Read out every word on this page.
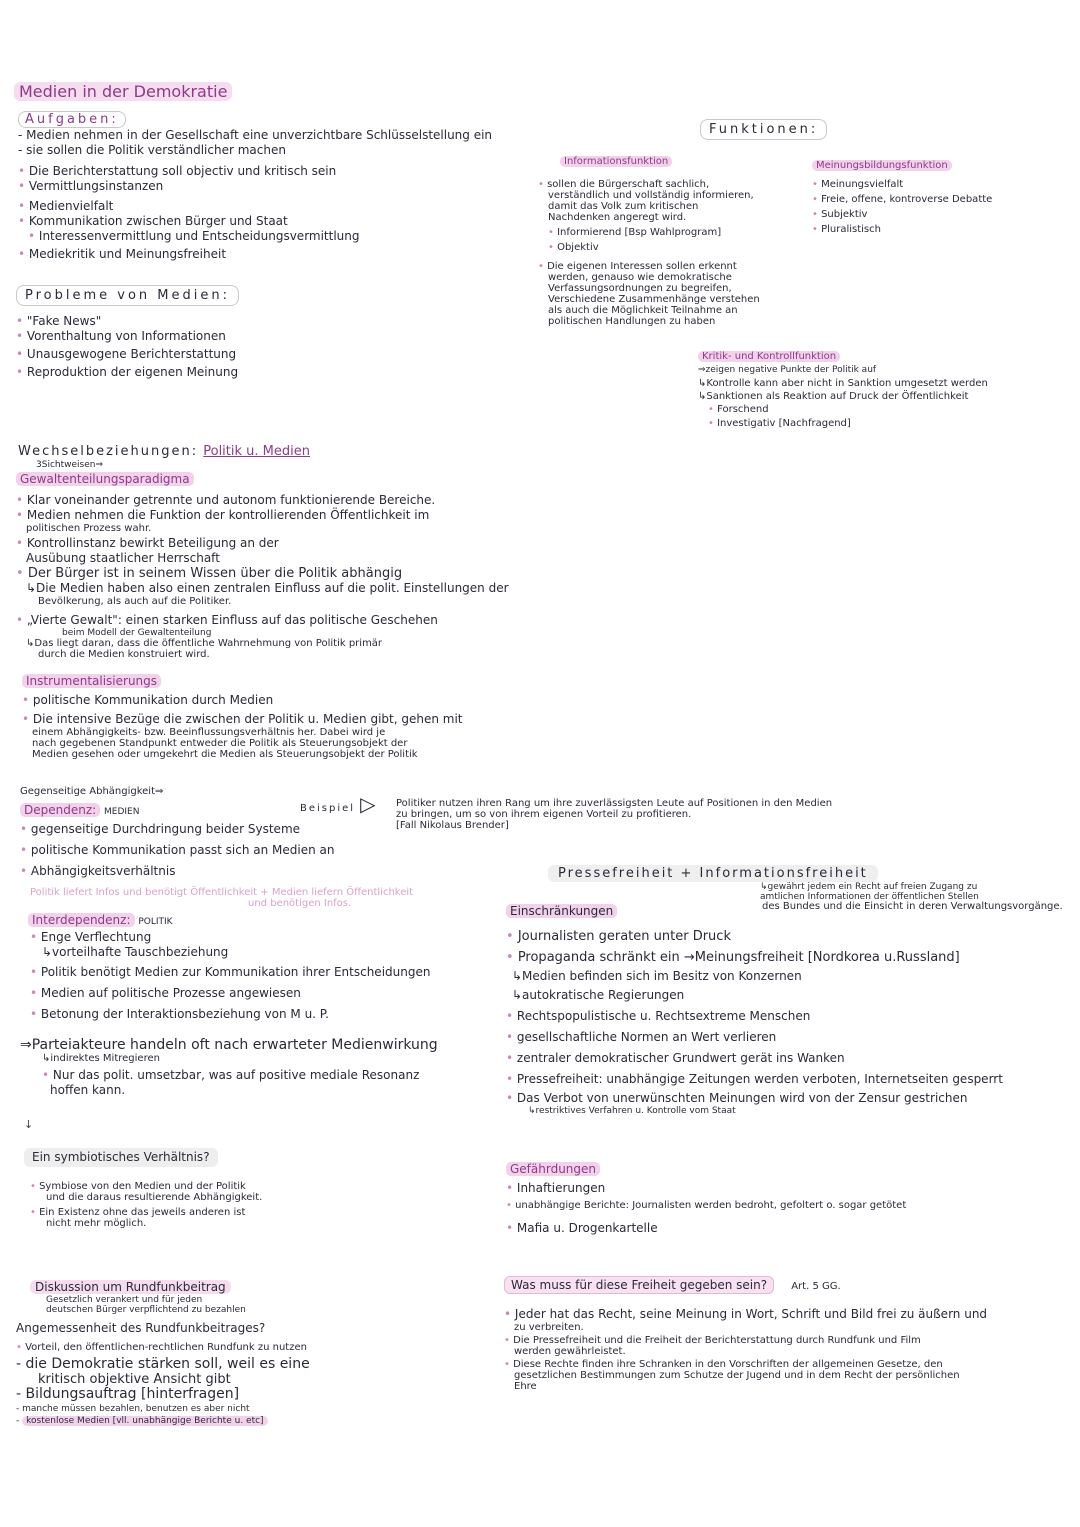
Medien in der Demokratie
Aufgaben:
- Medien nehmen in der Gesellschaft eine unverzichtbare Schlüsselstellung ein
- sie sollen die Politik verständlicher machen
• Die Berichterstattung soll objectiv und kritisch sein
• Vermittlungsinstanzen
• Medienvielfalt
• Kommunikation zwischen Bürger und Staat
• Interessenvermittlung und Entscheidungsvermittlung
• Mediekritik und Meinungsfreiheit
Probleme von Medien:
• "Fake News"
• Vorenthaltung von Informationen
• Unausgewogene Berichterstattung
• Reproduktion der eigenen Meinung
Funktionen:
Informationsfunktion
• sollen die Bürgerschaft sachlich,
verständlich und vollständig informieren,
damit das Volk zum kritischen
Nachdenken angeregt wird.
• Informierend [Bsp Wahlprogram]
• Objektiv
• Die eigenen Interessen sollen erkennt
werden, genauso wie demokratische
Verfassungsordnungen zu begreifen,
Verschiedene Zusammenhänge verstehen
als auch die Möglichkeit Teilnahme an
politischen Handlungen zu haben
Meinungsbildungsfunktion
• Meinungsvielfalt
• Freie, offene, kontroverse Debatte
• Subjektiv
• Pluralistisch
Kritik- und Kontrollfunktion
⇒zeigen negative Punkte der Politik auf
↳Kontrolle kann aber nicht in Sanktion umgesetzt werden
↳Sanktionen als Reaktion auf Druck der Öffentlichkeit
• Forschend
• Investigativ [Nachfragend]
Wechselbeziehungen: Politik u. Medien
3Sichtweisen⇒
Gewaltenteilungsparadigma
• Klar voneinander getrennte und autonom funktionierende Bereiche.
• Medien nehmen die Funktion der kontrollierenden Öffentlichkeit im
politischen Prozess wahr.
• Kontrollinstanz bewirkt Beteiligung an der
Ausübung staatlicher Herrschaft
• Der Bürger ist in seinem Wissen über die Politik abhängig
↳Die Medien haben also einen zentralen Einfluss auf die polit. Einstellungen der
Bevölkerung, als auch auf die Politiker.
• „Vierte Gewalt": einen starken Einfluss auf das politische Geschehen
beim Modell der Gewaltenteilung
↳Das liegt daran, dass die öffentliche Wahrnehmung von Politik primär
durch die Medien konstruiert wird.
Instrumentalisierungs
• politische Kommunikation durch Medien
• Die intensive Bezüge die zwischen der Politik u. Medien gibt, gehen mit
einem Abhängigkeits- bzw. Beeinflussungsverhältnis her. Dabei wird je
nach gegebenen Standpunkt entweder die Politik als Steuerungsobjekt der
Medien gesehen oder umgekehrt die Medien als Steuerungsobjekt der Politik
Gegenseitige Abhängigkeit⇒
Dependenz: MEDIEN
• gegenseitige Durchdringung beider Systeme
• politische Kommunikation passt sich an Medien an
• Abhängigkeitsverhältnis
Politik liefert Infos und benötigt Öffentlichkeit + Medien liefern Öffentlichkeit
und benötigen Infos.
Interdependenz: POLITIK
• Enge Verflechtung
↳vorteilhafte Tauschbeziehung
• Politik benötigt Medien zur Kommunikation ihrer Entscheidungen
• Medien auf politische Prozesse angewiesen
• Betonung der Interaktionsbeziehung von M u. P.
⇒Parteiakteure handeln oft nach erwarteter Medienwirkung
↳indirektes Mitregieren
• Nur das polit. umsetzbar, was auf positive mediale Resonanz
hoffen kann.
↓
Beispiel ▷ Politiker nutzen ihren Rang um ihre zuverlässigsten Leute auf Positionen in den Medien
zu bringen, um so von ihrem eigenen Vorteil zu profitieren.
[Fall Nikolaus Brender]
Ein symbiotisches Verhältnis?
• Symbiose von den Medien und der Politik
und die daraus resultierende Abhängigkeit.
• Ein Existenz ohne das jeweils anderen ist
nicht mehr möglich.
Diskussion um Rundfunkbeitrag
Gesetzlich verankert und für jeden
deutschen Bürger verpflichtend zu bezahlen
Angemessenheit des Rundfunkbeitrages?
• Vorteil, den öffentlichen-rechtlichen Rundfunk zu nutzen
- die Demokratie stärken soll, weil es eine
kritisch objektive Ansicht gibt
- Bildungsauftrag [hinterfragen]
- manche müssen bezahlen, benutzen es aber nicht
- kostenlose Medien [vll. unabhängige Berichte u. etc]
Pressefreiheit + Informationsfreiheit
↳gewährt jedem ein Recht auf freien Zugang zu
amtlichen Informationen der öffentlichen Stellen
des Bundes und die Einsicht in deren Verwaltungsvorgänge.
Einschränkungen
• Journalisten geraten unter Druck
• Propaganda schränkt ein →Meinungsfreiheit [Nordkorea u.Russland]
↳Medien befinden sich im Besitz von Konzernen
↳autokratische Regierungen
• Rechtspopulistische u. Rechtsextreme Menschen
• gesellschaftliche Normen an Wert verlieren
• zentraler demokratischer Grundwert gerät ins Wanken
• Pressefreiheit: unabhängige Zeitungen werden verboten, Internetseiten gesperrt
• Das Verbot von unerwünschten Meinungen wird von der Zensur gestrichen
↳restriktives Verfahren u. Kontrolle vom Staat
Gefährdungen
• Inhaftierungen
• unabhängige Berichte: Journalisten werden bedroht, gefoltert o. sogar getötet
• Mafia u. Drogenkartelle
Was muss für diese Freiheit gegeben sein? Art. 5 GG.
• Jeder hat das Recht, seine Meinung in Wort, Schrift und Bild frei zu äußern und
zu verbreiten.
• Die Pressefreiheit und die Freiheit der Berichterstattung durch Rundfunk und Film
werden gewährleistet.
• Diese Rechte finden ihre Schranken in den Vorschriften der allgemeinen Gesetze, den
gesetzlichen Bestimmungen zum Schutze der Jugend und in dem Recht der persönlichen
Ehre
